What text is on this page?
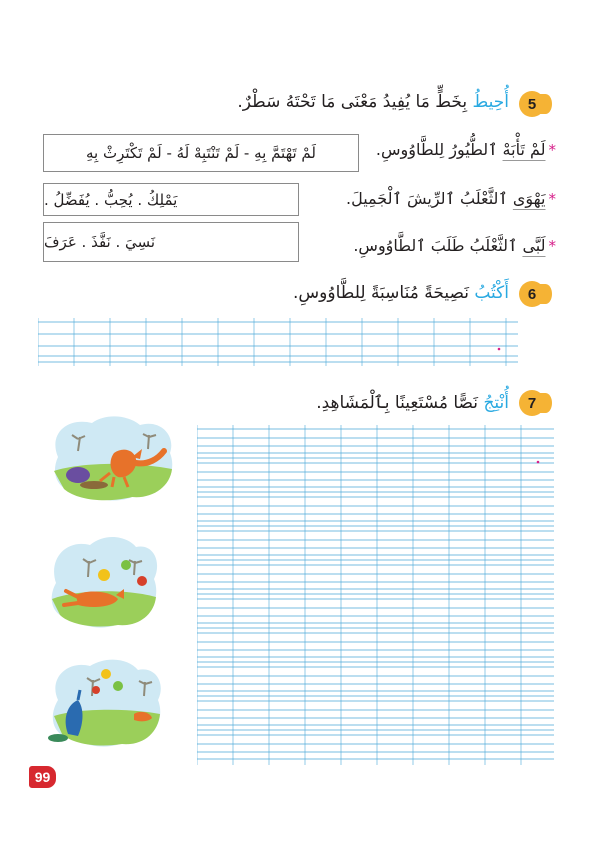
5
أُحِيطُ بِخَطٍّ مَا يُفِيدُ مَعْنَى مَا تَحْتَهُ سَطْرٌ.
*لَمْ تَأْبَهْ ٱلطُّيُورُ لِلطَّاوُوسِ.
لَمْ تَهْتَمَّ بِهِ - لَمْ تَنْتَبِهْ لَهُ - لَمْ تَكْتَرِثْ بِهِ
*يَهْوَى ٱلثَّعْلَبُ ٱلرِّيشَ ٱلْجَمِيلَ.
يَمْلِكُ . يُحِبُّ . يُفَضِّلُ .
*لَبَّى ٱلثَّعْلَبُ طَلَبَ ٱلطَّاوُوسِ.
نَسِيَ . نَفَّذَ . عَرَفَ
6
أَكْتُبُ نَصِيحَةً مُنَاسِبَةً لِلطَّاوُوسِ.
7
أُنْتِجُ نَصًّا مُسْتَعِينًا بِٱلْمَشَاهِدِ.
99
